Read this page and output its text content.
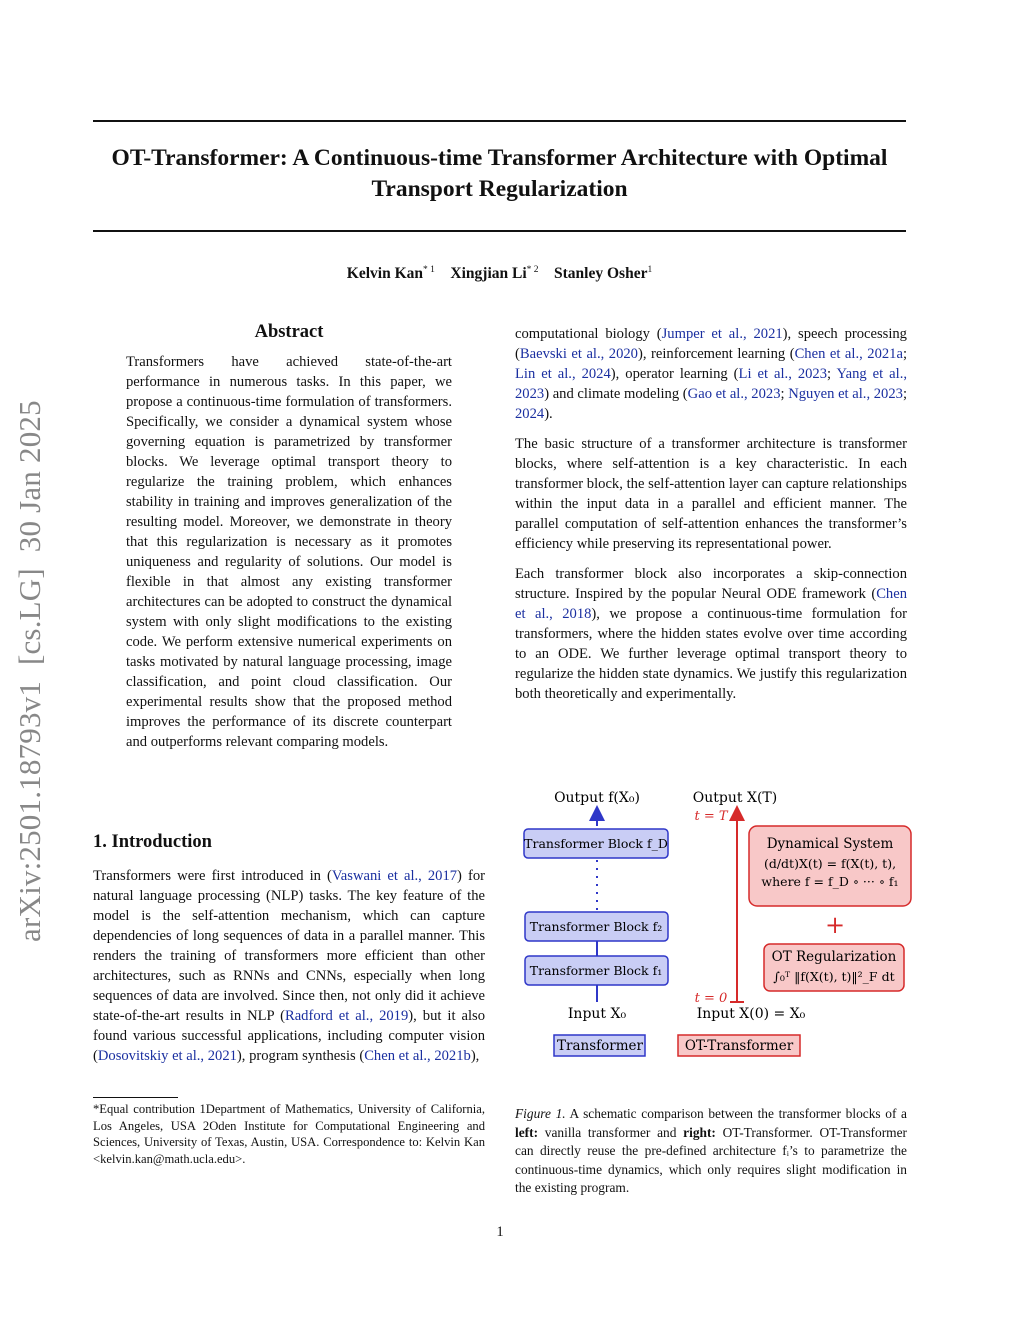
OT-Transformer: A Continuous-time Transformer Architecture with Optimal Transport Regularization
Kelvin Kan$^{* 1}$ Xingjian Li$^{* 2}$ Stanley Osher$^1$
arXiv:2501.18793v1  [cs.LG]  30 Jan 2025
Abstract
Transformers have achieved state-of-the-art performance in numerous tasks. In this paper, we propose a continuous-time formulation of transformers. Specifically, we consider a dynamical system whose governing equation is parametrized by transformer blocks. We leverage optimal transport theory to regularize the training problem, which enhances stability in training and improves generalization of the resulting model. Moreover, we demonstrate in theory that this regularization is necessary as it promotes uniqueness and regularity of solutions. Our model is flexible in that almost any existing transformer architectures can be adopted to construct the dynamical system with only slight modifications to the existing code. We perform extensive numerical experiments on tasks motivated by natural language processing, image classification, and point cloud classification. Our experimental results show that the proposed method improves the performance of its discrete counterpart and outperforms relevant comparing models.
1. Introduction
Transformers were first introduced in (Vaswani et al., 2017) for natural language processing (NLP) tasks. The key feature of the model is the self-attention mechanism, which can capture dependencies of long sequences of data in a parallel manner. This renders the training of transformers more efficient than other architectures, such as RNNs and CNNs, especially when long sequences of data are involved. Since then, not only did it achieve state-of-the-art results in NLP (Radford et al., 2019), but it also found various successful applications, including computer vision (Dosovitskiy et al., 2021), program synthesis (Chen et al., 2021b),
*Equal contribution 1Department of Mathematics, University of California, Los Angeles, USA 2Oden Institute for Computational Engineering and Sciences, University of Texas, Austin, USA. Correspondence to: Kelvin Kan <kelvin.kan@math.ucla.edu>.

computational biology (Jumper et al., 2021), speech processing (Baevski et al., 2020), reinforcement learning (Chen et al., 2021a; Lin et al., 2024), operator learning (Li et al., 2023; Yang et al., 2023) and climate modeling (Gao et al., 2023; Nguyen et al., 2023; 2024).

The basic structure of a transformer architecture is transformer blocks, where self-attention is a key characteristic. In each transformer block, the self-attention layer can capture relationships within the input data in a parallel and efficient manner. The parallel computation of self-attention enhances the transformer’s efficiency while preserving its representational power.

Each transformer block also incorporates a skip-connection structure. Inspired by the popular Neural ODE framework (Chen et al., 2018), we propose a continuous-time formulation for transformers, where the hidden states evolve over time according to an ODE. We further leverage optimal transport theory to regularize the hidden state dynamics. We justify this regularization both theoretically and experimentally.

Output f(X₀)
Transformer Block f_D
Transformer Block f₂
Transformer Block f₁
Input X₀
Transformer
Output X(T)
t = T
t = 0
Dynamical System
(d/dt)X(t) = f(X(t), t),
where f = f_D ∘ ··· ∘ f₁
+
OT Regularization
∫₀ᵀ ‖f(X(t), t)‖²_F dt
Input X(0) = X₀
OT-Transformer
Figure 1. A schematic comparison between the transformer blocks of a left: vanilla transformer and right: OT-Transformer. OT-Transformer can directly reuse the pre-defined architecture fᵢ’s to parametrize the continuous-time dynamics, which only requires slight modification in the existing program.
1
